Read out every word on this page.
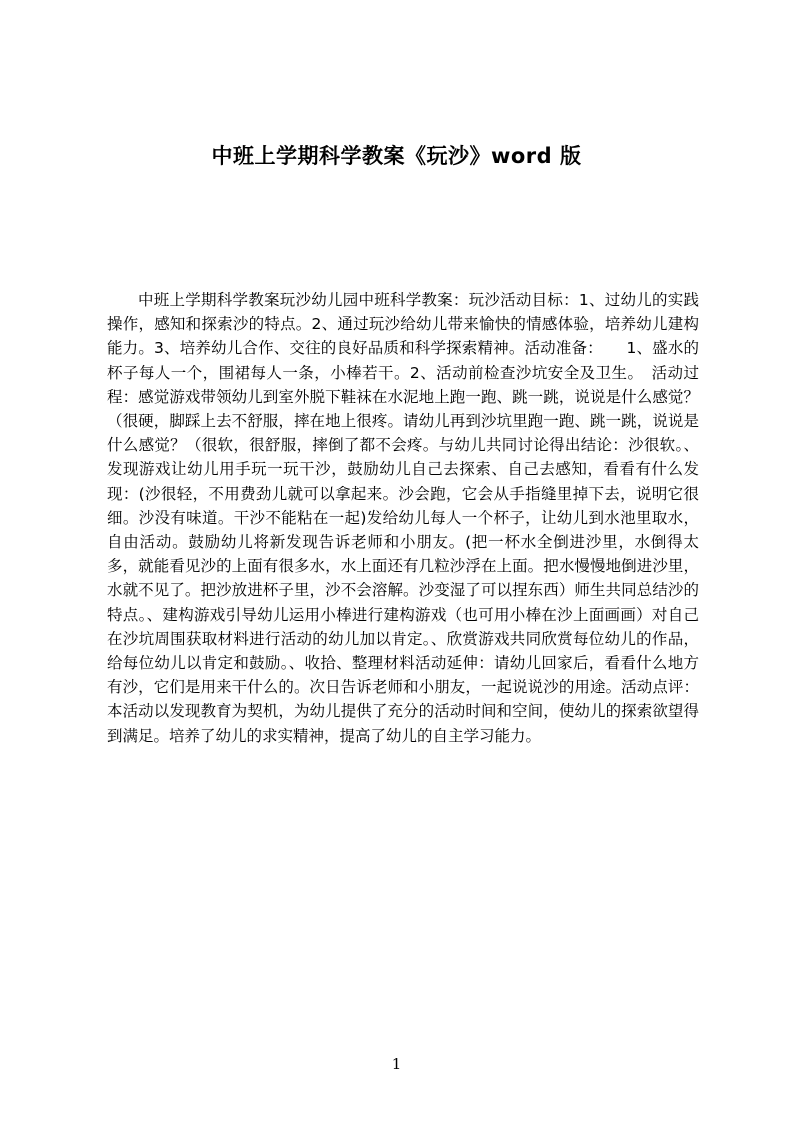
中班上学期科学教案《玩沙》word 版

中班上学期科学教案玩沙幼儿园中班科学教案：玩沙活动目标：1、过幼儿的实践操作，感知和探索沙的特点。2、通过玩沙给幼儿带来愉快的情感体验，培养幼儿建构能力。3、培养幼儿合作、交往的良好品质和科学探索精神。活动准备：　　1、盛水的杯子每人一个，围裙每人一条，小棒若干。2、活动前检查沙坑安全及卫生。　活动过程：感觉游戏带领幼儿到室外脱下鞋袜在水泥地上跑一跑、跳一跳，说说是什么感觉？（很硬，脚踩上去不舒服，摔在地上很疼。请幼儿再到沙坑里跑一跑、跳一跳，说说是什么感觉？（很软，很舒服，摔倒了都不会疼。与幼儿共同讨论得出结论：沙很软。、发现游戏让幼儿用手玩一玩干沙，鼓励幼儿自己去探索、自己去感知，看看有什么发现：(沙很轻，不用费劲儿就可以拿起来。沙会跑，它会从手指缝里掉下去，说明它很细。沙没有味道。干沙不能粘在一起)发给幼儿每人一个杯子，让幼儿到水池里取水，自由活动。鼓励幼儿将新发现告诉老师和小朋友。(把一杯水全倒进沙里，水倒得太多，就能看见沙的上面有很多水，水上面还有几粒沙浮在上面。把水慢慢地倒进沙里，水就不见了。把沙放进杯子里，沙不会溶解。沙变湿了可以捏东西）师生共同总结沙的特点。、建构游戏引导幼儿运用小棒进行建构游戏（也可用小棒在沙上面画画）对自己在沙坑周围获取材料进行活动的幼儿加以肯定。、欣赏游戏共同欣赏每位幼儿的作品，给每位幼儿以肯定和鼓励。、收拾、整理材料活动延伸：请幼儿回家后，看看什么地方有沙，它们是用来干什么的。次日告诉老师和小朋友，一起说说沙的用途。活动点评：本活动以发现教育为契机，为幼儿提供了充分的活动时间和空间，使幼儿的探索欲望得到满足。培养了幼儿的求实精神，提高了幼儿的自主学习能力。

1
